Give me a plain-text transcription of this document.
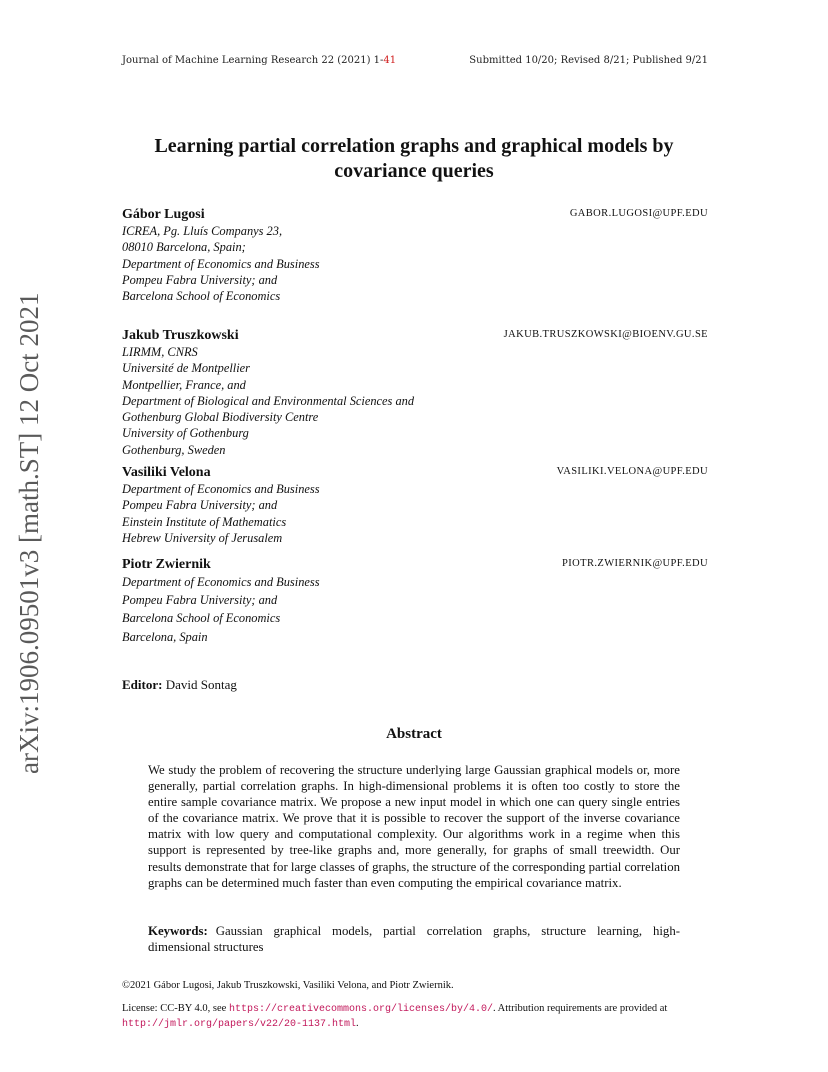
Journal of Machine Learning Research 22 (2021) 1-41	Submitted 10/20; Revised 8/21; Published 9/21
arXiv:1906.09501v3 [math.ST] 12 Oct 2021
Learning partial correlation graphs and graphical models by
covariance queries
Gábor Lugosi	GABOR.LUGOSI@UPF.EDU
ICREA, Pg. Lluís Companys 23,
08010 Barcelona, Spain;
Department of Economics and Business
Pompeu Fabra University; and
Barcelona School of Economics
Jakub Truszkowski	JAKUB.TRUSZKOWSKI@BIOENV.GU.SE
LIRMM, CNRS
Université de Montpellier
Montpellier, France, and
Department of Biological and Environmental Sciences and
Gothenburg Global Biodiversity Centre
University of Gothenburg
Gothenburg, Sweden
Vasiliki Velona	VASILIKI.VELONA@UPF.EDU
Department of Economics and Business
Pompeu Fabra University; and
Einstein Institute of Mathematics
Hebrew University of Jerusalem
Piotr Zwiernik	PIOTR.ZWIERNIK@UPF.EDU
Department of Economics and Business
Pompeu Fabra University; and
Barcelona School of Economics
Barcelona, Spain
Editor: David Sontag
Abstract
We study the problem of recovering the structure underlying large Gaussian graphical models or, more generally, partial correlation graphs. In high-dimensional problems it is often too costly to store the entire sample covariance matrix. We propose a new input model in which one can query single entries of the covariance matrix. We prove that it is possible to recover the support of the inverse covariance matrix with low query and computational complexity. Our algorithms work in a regime when this support is represented by tree-like graphs and, more generally, for graphs of small treewidth. Our results demonstrate that for large classes of graphs, the structure of the corresponding partial correlation graphs can be determined much faster than even computing the empirical covariance matrix.
Keywords: Gaussian graphical models, partial correlation graphs, structure learning, high-dimensional structures
©2021 Gábor Lugosi, Jakub Truszkowski, Vasiliki Velona, and Piotr Zwiernik.
License: CC-BY 4.0, see https://creativecommons.org/licenses/by/4.0/. Attribution requirements are provided at http://jmlr.org/papers/v22/20-1137.html.
